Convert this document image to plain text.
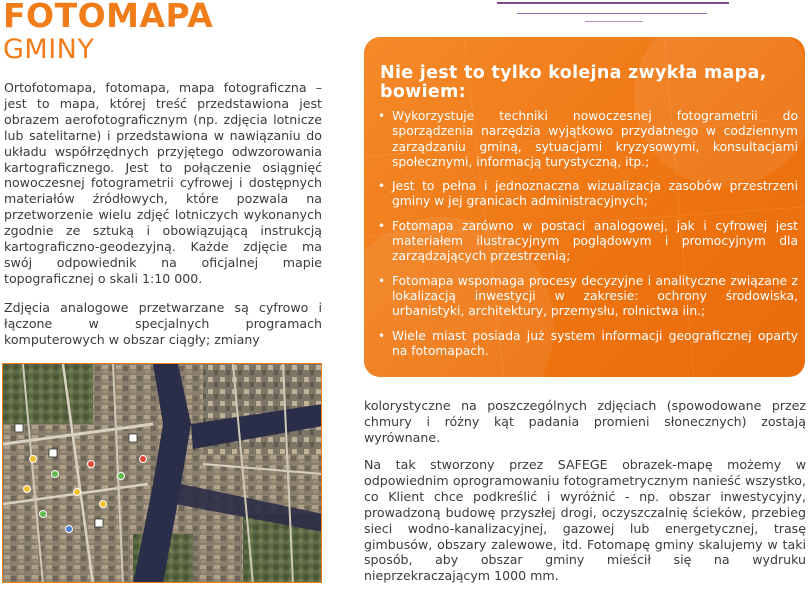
FOTOMAPA
GMINY

Ortofotomapa, fotomapa, mapa fotograficzna – jest to mapa, której treść przedstawiona jest obrazem aerofotograficznym (np. zdjęcia lotnicze lub satelitarne) i przedstawiona w nawiązaniu do układu współrzędnych przyjętego odwzorowania kartograficznego. Jest to połączenie osiągnięć nowoczesnej fotogrametrii cyfrowej i dostępnych materiałów źródłowych, które pozwala na przetworzenie wielu zdjęć lotniczych wykonanych zgodnie ze sztuką i obowiązującą instrukcją kartograficzno-geodezyjną. Każde zdjęcie ma swój odpowiednik na oficjalnej mapie topograficznej o skali 1:10 000.

Zdjęcia analogowe przetwarzane są cyfrowo i łączone w specjalnych programach komputerowych w obszar ciągły; zmiany

Nie jest to tylko kolejna zwykła mapa, bowiem:
• Wykorzystuje techniki nowoczesnej fotogrametrii do sporządzenia narzędzia wyjątkowo przydatnego w codziennym zarządzaniu gminą, sytuacjami kryzysowymi, konsultacjami społecznymi, informacją turystyczną, itp.;
• Jest to pełna i jednoznaczna wizualizacja zasobów przestrzeni gminy w jej granicach administracyjnych;
• Fotomapa zarówno w postaci analogowej, jak i cyfrowej jest materiałem ilustracyjnym poglądowym i promocyjnym dla zarządzających przestrzenią;
• Fotomapa wspomaga procesy decyzyjne i analityczne związane z lokalizacją inwestycji w zakresie: ochrony środowiska, urbanistyki, architektury, przemysłu, rolnictwa iin.;
• Wiele miast posiada już system informacji geograficznej oparty na fotomapach.

kolorystyczne na poszczególnych zdjęciach (spowodowane przez chmury i różny kąt padania promieni słonecznych) zostają wyrównane.

Na tak stworzony przez SAFEGE obrazek-mapę możemy w odpowiednim oprogramowaniu fotogrametrycznym nanieść wszystko, co Klient chce podkreślić i wyróżnić - np. obszar inwestycyjny, prowadzoną budowę przyszłej drogi, oczyszczalnię ścieków, przebieg sieci wodno-kanalizacyjnej, gazowej lub energetycznej, trasę gimbusów, obszary zalewowe, itd. Fotomapę gminy skalujemy w taki sposób, aby obszar gminy mieścił się na wydruku nieprzekraczającym 1000 mm.
